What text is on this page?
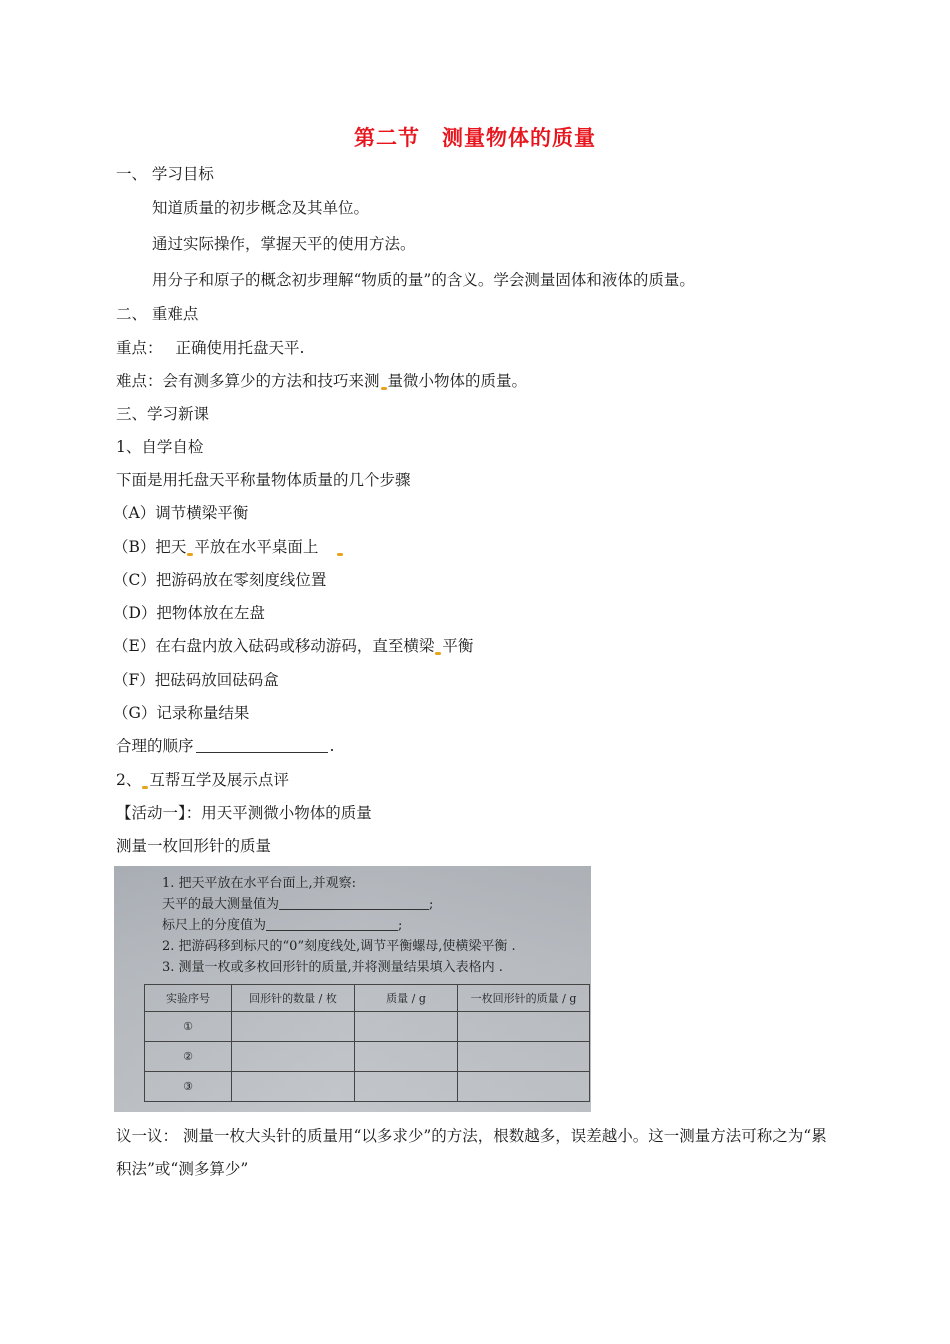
第二节 测量物体的质量
一、 学习目标
知道质量的初步概念及其单位。
通过实际操作，掌握天平的使用方法。
用分子和原子的概念初步理解“物质的量”的含义。学会测量固体和液体的质量。
二、 重难点
重点： 正确使用托盘天平.
难点：会有测多算少的方法和技巧来测 量微小物体的质量。
三、学习新课
1、自学自检
下面是用托盘天平称量物体质量的几个步骤
（A）调节横梁平衡
（B）把天 平放在水平桌面上
（C）把游码放在零刻度线位置
（D）把物体放在左盘
（E）在右盘内放入砝码或移动游码，直至横梁 平衡
（F）把砝码放回砝码盒
（G）记录称量结果
合理的顺序	.
2、 互帮互学及展示点评
【活动一】：用天平测微小物体的质量
测量一枚回形针的质量
1. 把天平放在水平台面上,并观察:
天平的最大测量值为	;
标尺上的分度值为	;
2. 把游码移到标尺的“0”刻度线处,调节平衡螺母,使横梁平衡 .
3. 测量一枚或多枚回形针的质量,并将测量结果填入表格内 .
实验序号	回形针的数量 / 枚	质量 / g	一枚回形针的质量 / g
①			
②			
③			
议一议： 测量一枚大头针的质量用“以多求少”的方法，根数越多，误差越小。这一测量方法可称之为“累积法”或“测多算少”
